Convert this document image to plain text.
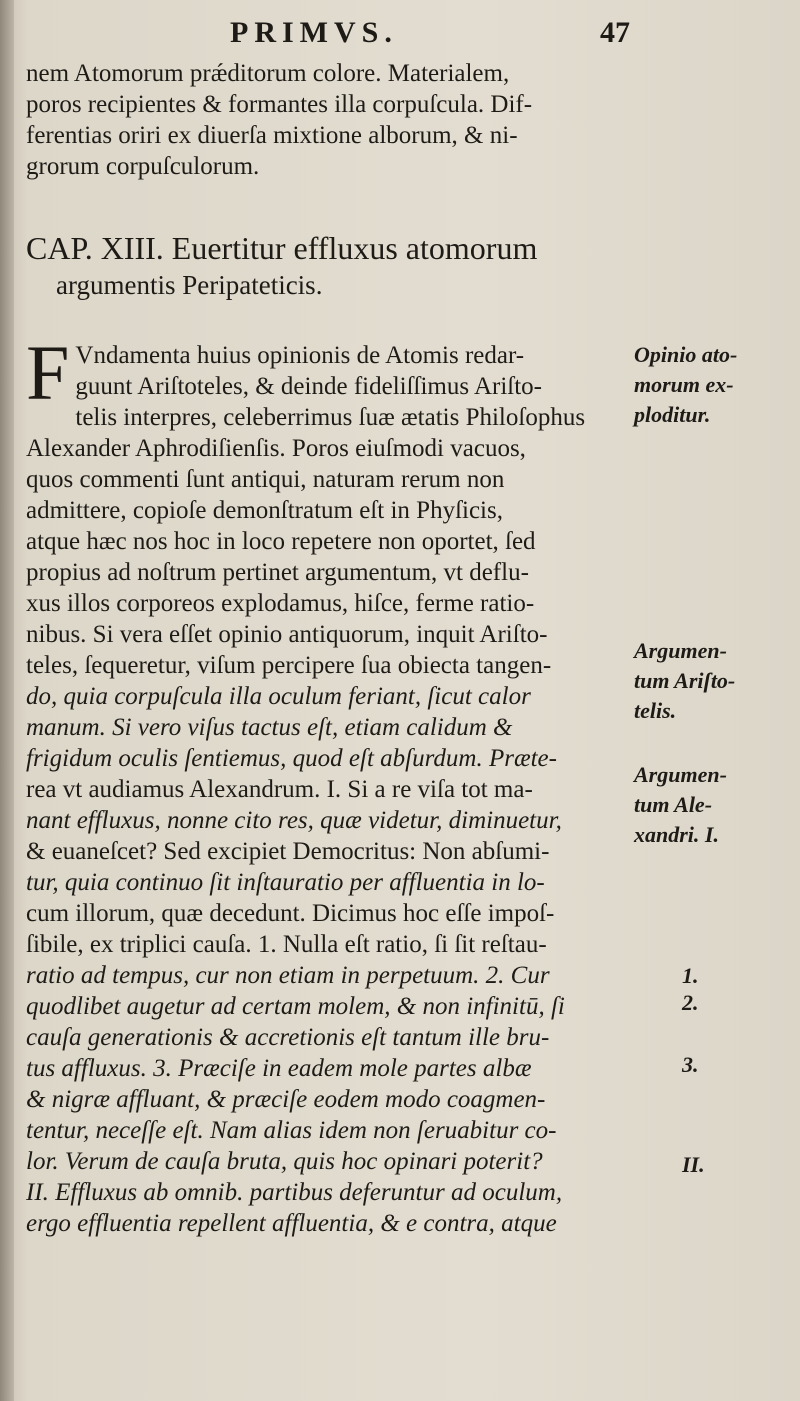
PRIMVS.	47
nem Atomorum prǽditorum colore. Materialem,
poros recipientes & formantes illa corpuſcula. Dif-
ferentias oriri ex diuerſa mixtione alborum, & ni-
grorum corpuſculorum.
CAP. XIII. Euertitur effluxus atomorum
argumentis Peripateticis.
F Vndamenta huius opinionis de Atomis redar-
guunt Ariſtoteles, & deinde fideliſſimus Ariſto-
telis interpres, celeberrimus ſuæ ætatis Philoſophus
Alexander Aphrodiſienſis. Poros eiuſmodi vacuos,
quos commenti ſunt antiqui, naturam rerum non
admittere, copioſe demonſtratum eſt in Phyſicis,
atque hæc nos hoc in loco repetere non oportet, ſed
propius ad noſtrum pertinet argumentum, vt deflu-
xus illos corporeos explodamus, hiſce, ferme ratio-
nibus. Si vera eſſet opinio antiquorum, inquit Ariſto-
teles, ſequeretur, viſum percipere ſua obiecta tangen-
do, quia corpuſcula illa oculum feriant, ſicut calor
manum. Si vero viſus tactus eſt, etiam calidum &
frigidum oculis ſentiemus, quod eſt abſurdum. Præte-
rea vt audiamus Alexandrum. I. Si a re viſa tot ma-
nant effluxus, nonne cito res, quæ videtur, diminuetur,
& euaneſcet? Sed excipiet Democritus: Non abſumi-
tur, quia continuo ſit inſtauratio per affluentia in lo-
cum illorum, quæ decedunt. Dicimus hoc eſſe impoſ-
ſibile, ex triplici cauſa. 1. Nulla eſt ratio, ſi ſit reſtau-
ratio ad tempus, cur non etiam in perpetuum. 2. Cur
quodlibet augetur ad certam molem, & non infinitū, ſi
cauſa generationis & accretionis eſt tantum ille bru-
tus affluxus. 3. Præciſe in eadem mole partes albæ
& nigræ affluant, & præciſe eodem modo coagmen-
tentur, neceſſe eſt. Nam alias idem non ſeruabitur co-
lor. Verum de cauſa bruta, quis hoc opinari poterit?
II. Effluxus ab omnib. partibus deferuntur ad oculum,
ergo effluentia repellent affluentia, & e contra, atque
Opinio ato-
morum ex-
ploditur.
Argumen-
tum Ariſto-
telis.
Argumen-
tum Ale-
xandri. I.
1.
2.
3.
II.
